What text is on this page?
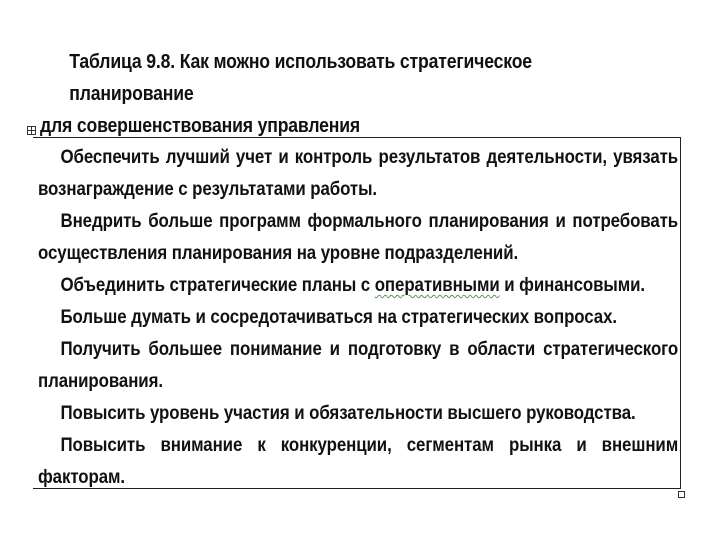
Таблица 9.8. Как можно использовать стратегическое планирование
для совершенствования управления
Обеспечить лучший учет и контроль результатов деятельности, увязать вознаграждение с результатами работы.
Внедрить больше программ формального планирования и потребовать осуществления планирования на уровне подразделений.
Объединить стратегические планы с оперативными и финансовыми.
Больше думать и сосредотачиваться на стратегических вопросах.
Получить большее понимание и подготовку в области стратегического планирования.
Повысить уровень участия и обязательности высшего руководства.
Повысить внимание к конкуренции, сегментам рынка и внешним факторам.
